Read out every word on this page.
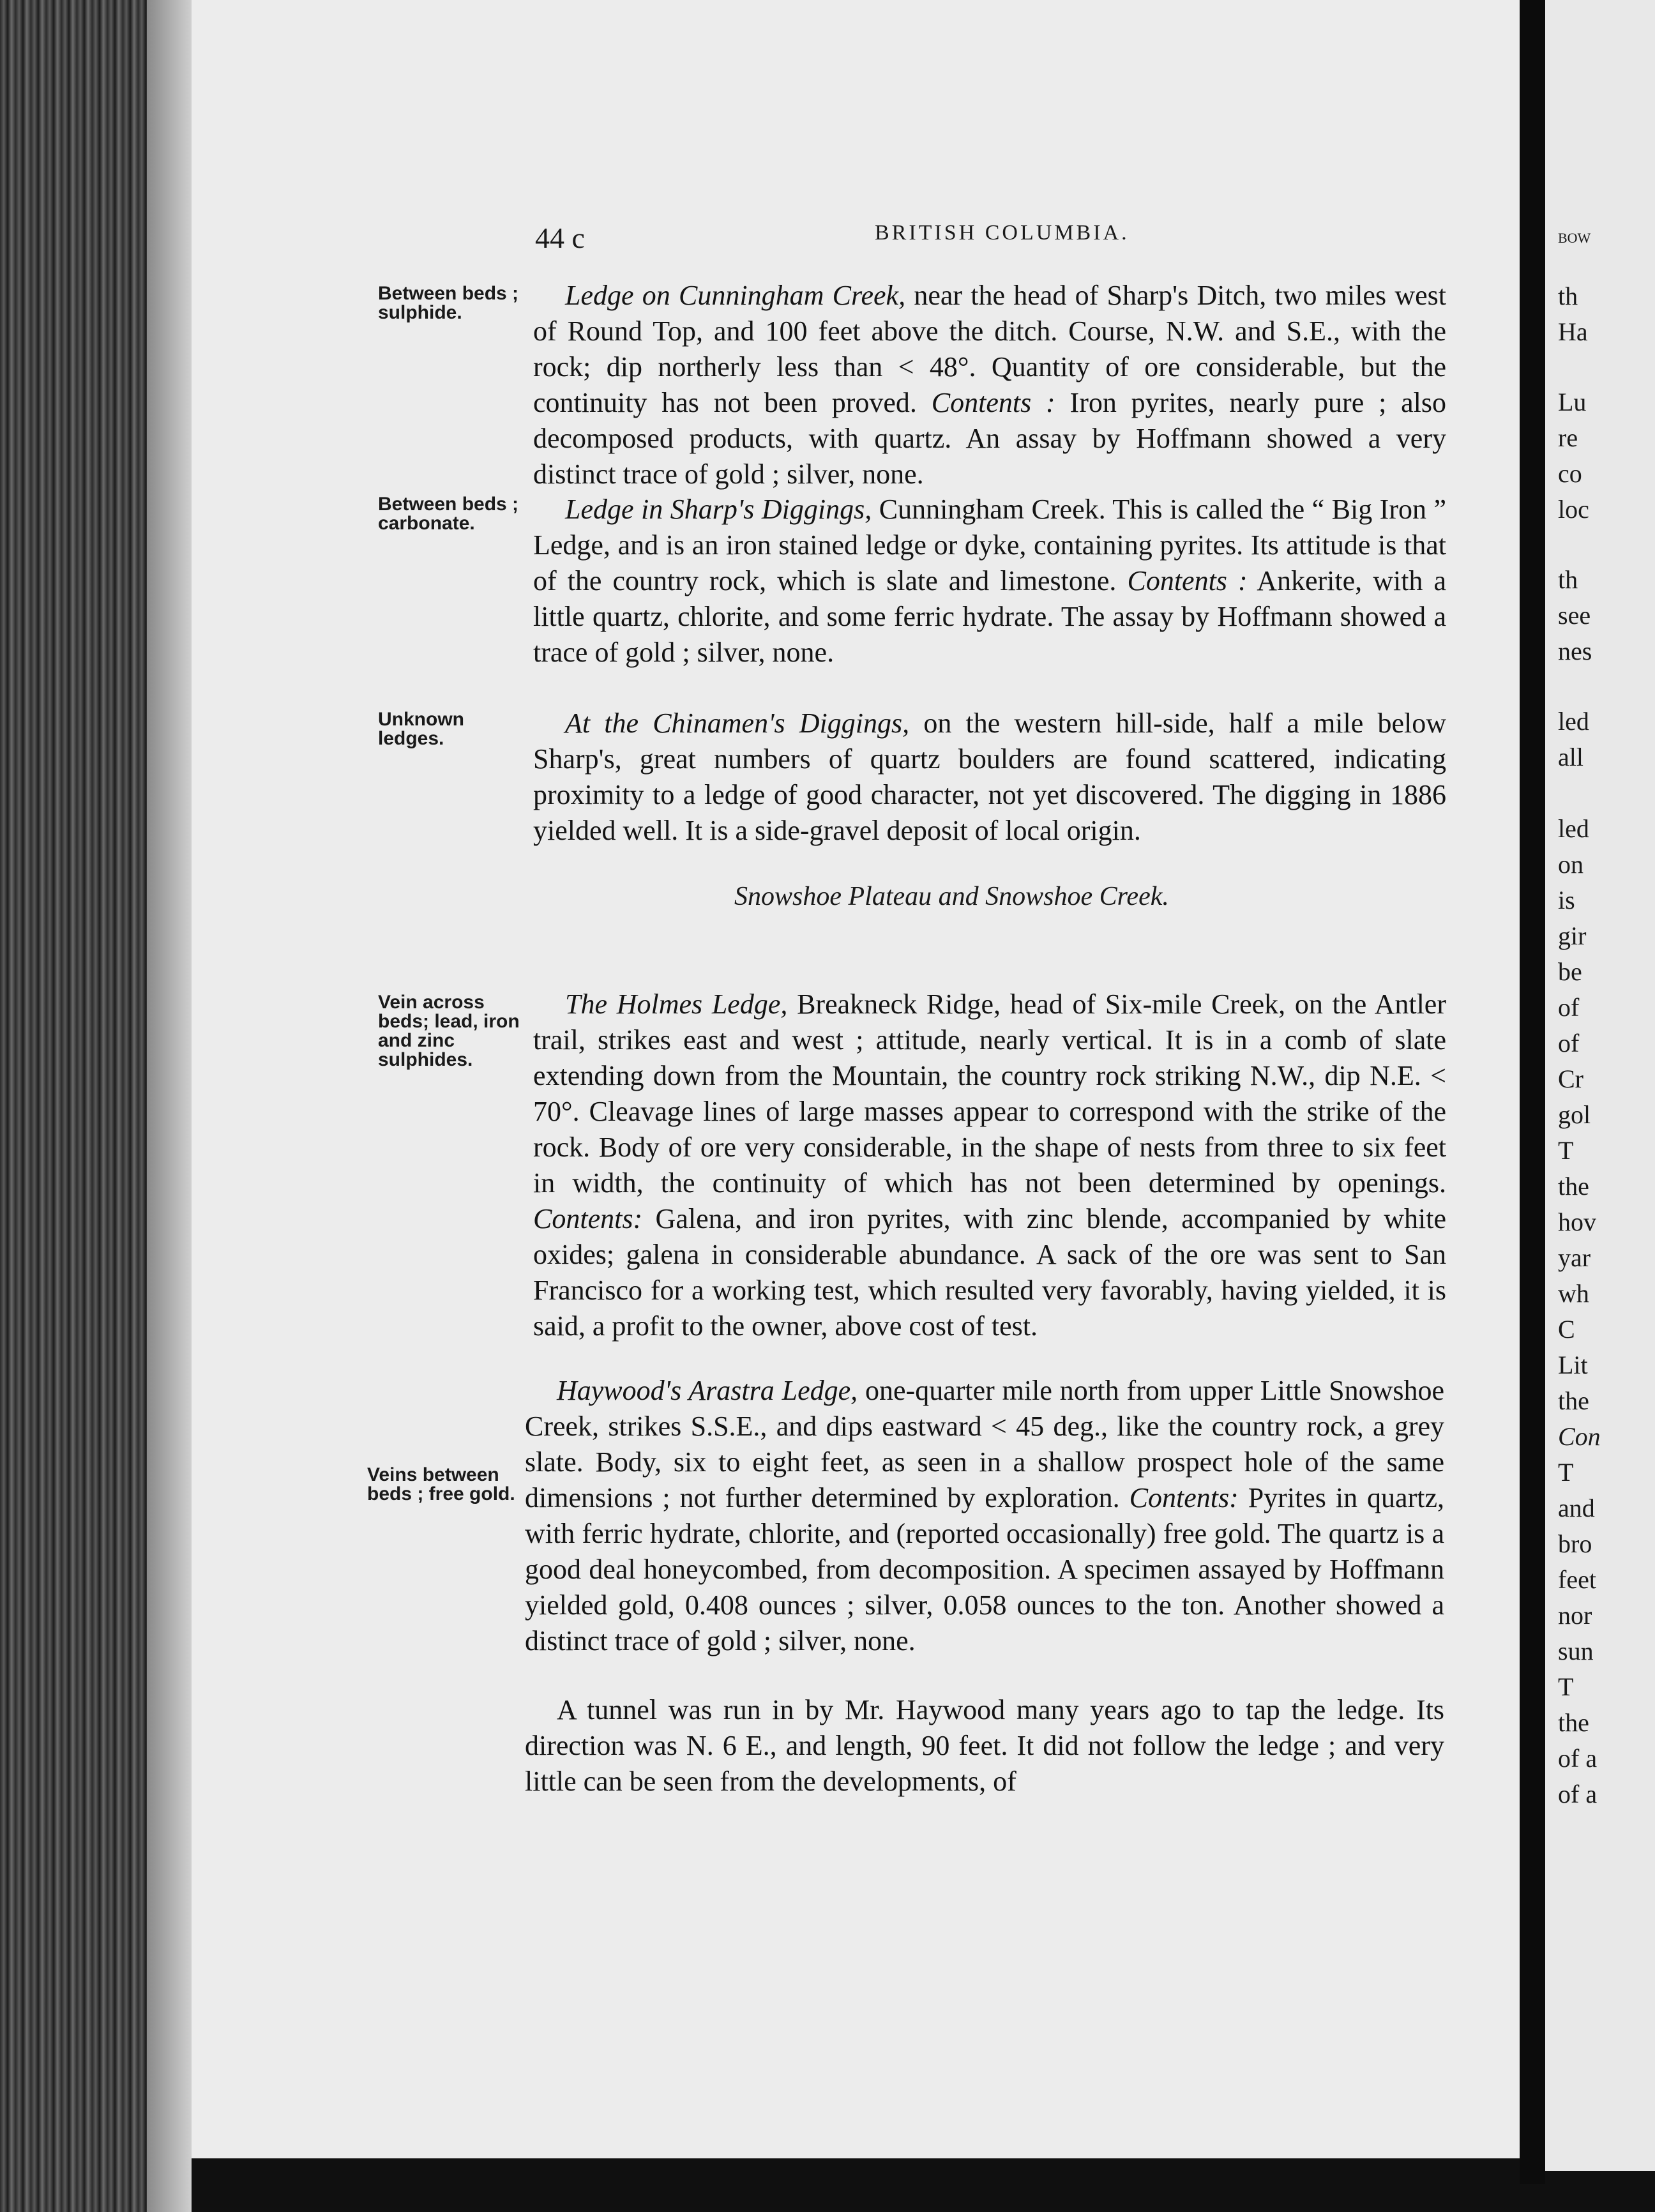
44 c	BRITISH COLUMBIA.
Between beds ; sulphide.
Between beds ; carbonate.
Unknown ledges.
Vein across beds; lead, iron and zinc sulphides.
Veins between beds ; free gold.
Ledge on Cunningham Creek, near the head of Sharp's Ditch, two miles west of Round Top, and 100 feet above the ditch. Course, N.W. and S.E., with the rock; dip northerly less than < 48°. Quantity of ore considerable, but the continuity has not been proved. Contents : Iron pyrites, nearly pure ; also decomposed products, with quartz. An assay by Hoffmann showed a very distinct trace of gold ; silver, none.
Ledge in Sharp's Diggings, Cunningham Creek. This is called the “ Big Iron ” Ledge, and is an iron stained ledge or dyke, containing pyrites. Its attitude is that of the country rock, which is slate and limestone. Contents : Ankerite, with a little quartz, chlorite, and some ferric hydrate. The assay by Hoffmann showed a trace of gold ; silver, none.
At the Chinamen's Diggings, on the western hill-side, half a mile below Sharp's, great numbers of quartz boulders are found scattered, indicating proximity to a ledge of good character, not yet discovered. The digging in 1886 yielded well. It is a side-gravel deposit of local origin.
Snowshoe Plateau and Snowshoe Creek.
The Holmes Ledge, Breakneck Ridge, head of Six-mile Creek, on the Antler trail, strikes east and west ; attitude, nearly vertical. It is in a comb of slate extending down from the Mountain, the country rock striking N.W., dip N.E. < 70°. Cleavage lines of large masses appear to correspond with the strike of the rock. Body of ore very considerable, in the shape of nests from three to six feet in width, the continuity of which has not been determined by openings. Contents: Galena, and iron pyrites, with zinc blende, accompanied by white oxides; galena in considerable abundance. A sack of the ore was sent to San Francisco for a working test, which resulted very favorably, having yielded, it is said, a profit to the owner, above cost of test.
Haywood's Arastra Ledge, one-quarter mile north from upper Little Snowshoe Creek, strikes S.S.E., and dips eastward < 45 deg., like the country rock, a grey slate. Body, six to eight feet, as seen in a shallow prospect hole of the same dimensions ; not further determined by exploration. Contents: Pyrites in quartz, with ferric hydrate, chlorite, and (reported occasionally) free gold. The quartz is a good deal honeycombed, from decomposition. A specimen assayed by Hoffmann yielded gold, 0.408 ounces ; silver, 0.058 ounces to the ton. Another showed a distinct trace of gold ; silver, none.
A tunnel was run in by Mr. Haywood many years ago to tap the ledge. Its direction was N. 6 E., and length, 90 feet. It did not follow the ledge ; and very little can be seen from the developments, of
BOW
th
Ha
Lu
re
co
loc
th
see
nes
led
all
led
on
is
gir
be
of
of
Cr
gol
T
the
hov
yar
wh
C
Lit
the
Con
T
and
bro
feet
nor
sun
T
the
of a
of a
